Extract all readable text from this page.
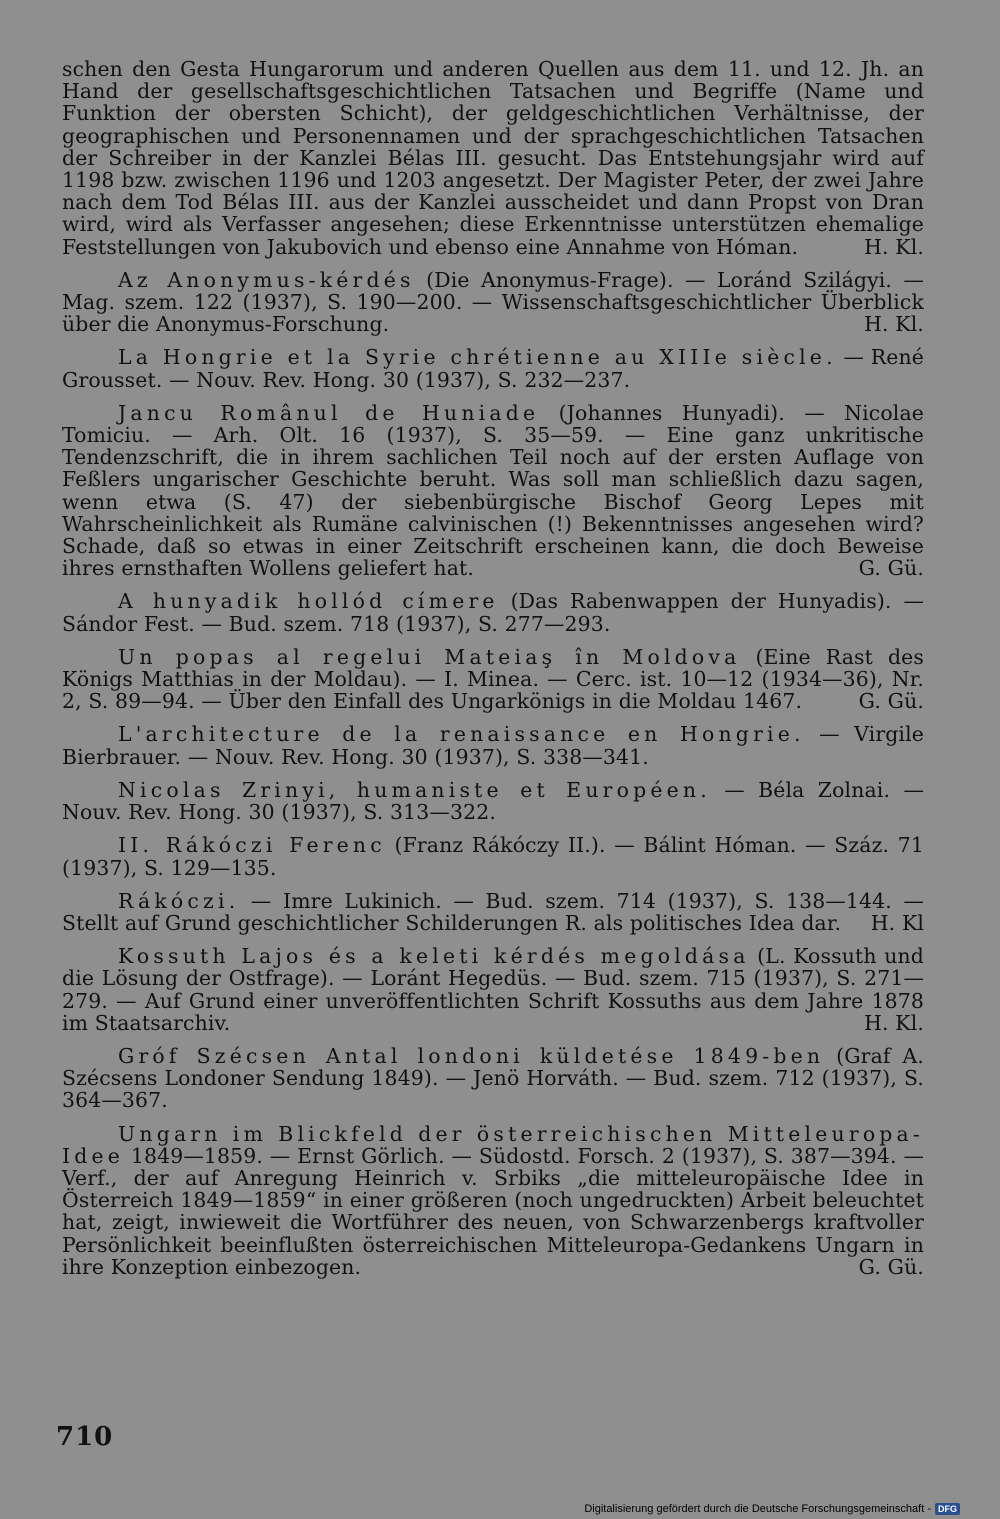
schen den Gesta Hungarorum und anderen Quellen aus dem 11. und 12. Jh. an Hand der gesellschaftsgeschichtlichen Tatsachen und Begriffe (Name und Funktion der obersten Schicht), der geldgeschichtlichen Verhältnisse, der geographischen und Personennamen und der sprachgeschichtlichen Tatsachen der Schreiber in der Kanzlei Bélas III. gesucht. Das Entstehungsjahr wird auf 1198 bzw. zwischen 1196 und 1203 angesetzt. Der Magister Peter, der zwei Jahre nach dem Tod Bélas III. aus der Kanzlei ausscheidet und dann Propst von Dran wird, wird als Verfasser angesehen; diese Erkenntnisse unterstützen ehemalige Feststellungen von Jakubovich und ebenso eine Annahme von Hóman.	H. Kl.

Az Anonymus-kérdés (Die Anonymus-Frage). — Loránd Szilágyi. — Mag. szem. 122 (1937), S. 190—200. — Wissenschaftsgeschichtlicher Überblick über die Anonymus-Forschung.	H. Kl.

La Hongrie et la Syrie chrétienne au XIIIe siècle. — René Grousset. — Nouv. Rev. Hong. 30 (1937), S. 232—237.

Jancu Românul de Huniade (Johannes Hunyadi). — Nicolae Tomiciu. — Arh. Olt. 16 (1937), S. 35—59. — Eine ganz unkritische Tendenzschrift, die in ihrem sachlichen Teil noch auf der ersten Auflage von Feßlers ungarischer Geschichte beruht. Was soll man schließlich dazu sagen, wenn etwa (S. 47) der siebenbürgische Bischof Georg Lepes mit Wahrscheinlichkeit als Rumäne calvinischen (!) Bekenntnisses angesehen wird? Schade, daß so etwas in einer Zeitschrift erscheinen kann, die doch Beweise ihres ernsthaften Wollens geliefert hat.	G. Gü.

A hunyadik hollód címere (Das Rabenwappen der Hunyadis). — Sándor Fest. — Bud. szem. 718 (1937), S. 277—293.

Un popas al regelui Mateiaş în Moldova (Eine Rast des Königs Matthias in der Moldau). — I. Minea. — Cerc. ist. 10—12 (1934—36), Nr. 2, S. 89—94. — Über den Einfall des Ungarkönigs in die Moldau 1467.	G. Gü.

L'architecture de la renaissance en Hongrie. — Virgile Bierbrauer. — Nouv. Rev. Hong. 30 (1937), S. 338—341.

Nicolas Zrinyi, humaniste et Européen. — Béla Zolnai. — Nouv. Rev. Hong. 30 (1937), S. 313—322.

II. Rákóczi Ferenc (Franz Rákóczy II.). — Bálint Hóman. — Száz. 71 (1937), S. 129—135.

Rákóczi. — Imre Lukinich. — Bud. szem. 714 (1937), S. 138—144. — Stellt auf Grund geschichtlicher Schilderungen R. als politisches Idea dar. H. Kl

Kossuth Lajos és a keleti kérdés megoldása (L. Kossuth und die Lösung der Ostfrage). — Loránt Hegedüs. — Bud. szem. 715 (1937), S. 271—279. — Auf Grund einer unveröffentlichten Schrift Kossuths aus dem Jahre 1878 im Staatsarchiv.	H. Kl.

Gróf Szécsen Antal londoni küldetése 1849-ben (Graf A. Szécsens Londoner Sendung 1849). — Jenö Horváth. — Bud. szem. 712 (1937), S. 364—367.

Ungarn im Blickfeld der österreichischen Mitteleuropa-Idee 1849—1859. — Ernst Görlich. — Südostd. Forsch. 2 (1937), S. 387—394. — Verf., der auf Anregung Heinrich v. Srbiks „die mitteleuropäische Idee in Österreich 1849—1859“ in einer größeren (noch ungedruckten) Arbeit beleuchtet hat, zeigt, inwieweit die Wortführer des neuen, von Schwarzenbergs kraftvoller Persönlichkeit beeinflußten österreichischen Mitteleuropa-Gedankens Ungarn in ihre Konzeption einbezogen.	G. Gü.

710
Digitalisierung gefördert durch die Deutsche Forschungsgemeinschaft - DFG
